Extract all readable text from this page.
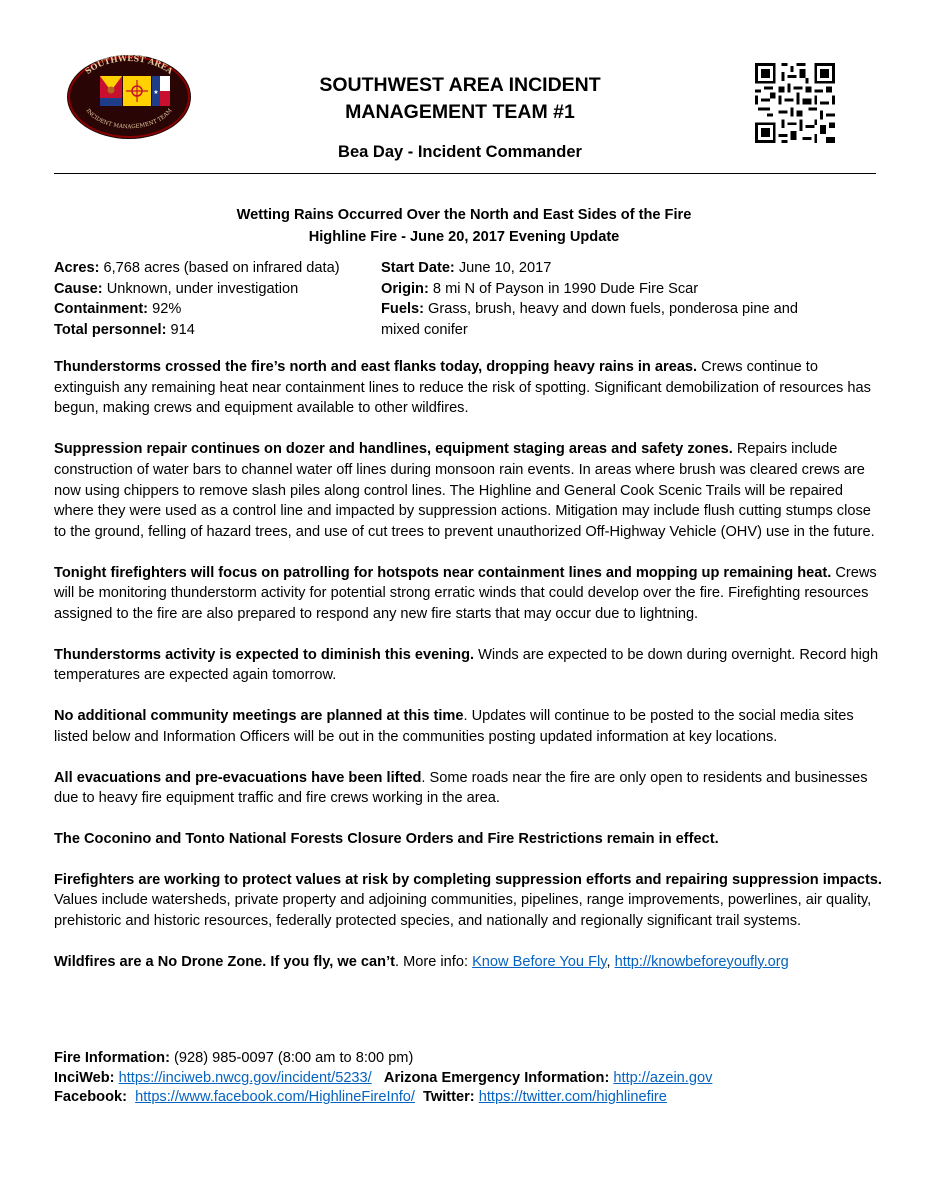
SOUTHWEST AREA
INCIDENT MANAGEMENT TEAM
★	SOUTHWEST AREA INCIDENT
MANAGEMENT TEAM #1
Bea Day - Incident Commander
Wetting Rains Occurred Over the North and East Sides of the Fire
Highline Fire - June 20, 2017 Evening Update
Acres: 6,768 acres (based on infrared data)
Cause: Unknown, under investigation
Containment: 92%
Total personnel: 914
Start Date: June 10, 2017
Origin: 8 mi N of Payson in 1990 Dude Fire Scar
Fuels: Grass, brush, heavy and down fuels, ponderosa pine and mixed conifer

Thunderstorms crossed the fire’s north and east flanks today, dropping heavy rains in areas. Crews continue to extinguish any remaining heat near containment lines to reduce the risk of spotting. Significant demobilization of resources has begun, making crews and equipment available to other wildfires.

Suppression repair continues on dozer and handlines, equipment staging areas and safety zones. Repairs include construction of water bars to channel water off lines during monsoon rain events. In areas where brush was cleared crews are now using chippers to remove slash piles along control lines. The Highline and General Cook Scenic Trails will be repaired where they were used as a control line and impacted by suppression actions. Mitigation may include flush cutting stumps close to the ground, felling of hazard trees, and use of cut trees to prevent unauthorized Off-Highway Vehicle (OHV) use in the future.

Tonight firefighters will focus on patrolling for hotspots near containment lines and mopping up remaining heat. Crews will be monitoring thunderstorm activity for potential strong erratic winds that could develop over the fire. Firefighting resources assigned to the fire are also prepared to respond any new fire starts that may occur due to lightning.

Thunderstorms activity is expected to diminish this evening. Winds are expected to be down during overnight. Record high temperatures are expected again tomorrow.

No additional community meetings are planned at this time. Updates will continue to be posted to the social media sites listed below and Information Officers will be out in the communities posting updated information at key locations.

All evacuations and pre-evacuations have been lifted. Some roads near the fire are only open to residents and businesses due to heavy fire equipment traffic and fire crews working in the area.

The Coconino and Tonto National Forests Closure Orders and Fire Restrictions remain in effect.

Firefighters are working to protect values at risk by completing suppression efforts and repairing suppression impacts. Values include watersheds, private property and adjoining communities, pipelines, range improvements, powerlines, air quality, prehistoric and historic resources, federally protected species, and nationally and regionally significant trail systems.

Wildfires are a No Drone Zone. If you fly, we can’t. More info: Know Before You Fly, http://knowbeforeyoufly.org

Fire Information: (928) 985-0097 (8:00 am to 8:00 pm)
InciWeb: https://inciweb.nwcg.gov/incident/5233/ Arizona Emergency Information: http://azein.gov
Facebook: https://www.facebook.com/HighlineFireInfo/ Twitter: https://twitter.com/highlinefire
